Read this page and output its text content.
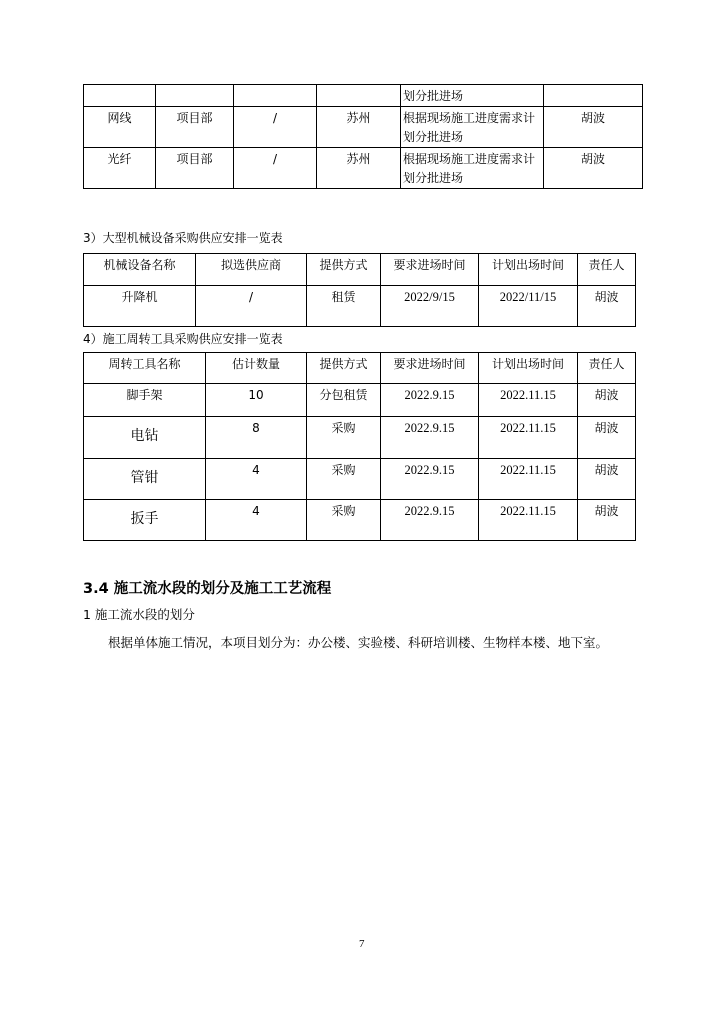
				划分批进场	
网线	项目部	/	苏州	根据现场施工进度需求计划分批进场	胡波
光纤	项目部	/	苏州	根据现场施工进度需求计划分批进场	胡波
3）大型机械设备采购供应安排一览表
机械设备名称	拟选供应商	提供方式	要求进场时间	计划出场时间	责任人
升降机	/	租赁	2022/9/15	2022/11/15	胡波
4）施工周转工具采购供应安排一览表
周转工具名称	估计数量	提供方式	要求进场时间	计划出场时间	责任人
脚手架	10	分包租赁	2022.9.15	2022.11.15	胡波
电钻	8	采购	2022.9.15	2022.11.15	胡波
管钳	4	采购	2022.9.15	2022.11.15	胡波
扳手	4	采购	2022.9.15	2022.11.15	胡波
3.4 施工流水段的划分及施工工艺流程
1 施工流水段的划分
根据单体施工情况，本项目划分为：办公楼、实验楼、科研培训楼、生物样本楼、地下室。
7
